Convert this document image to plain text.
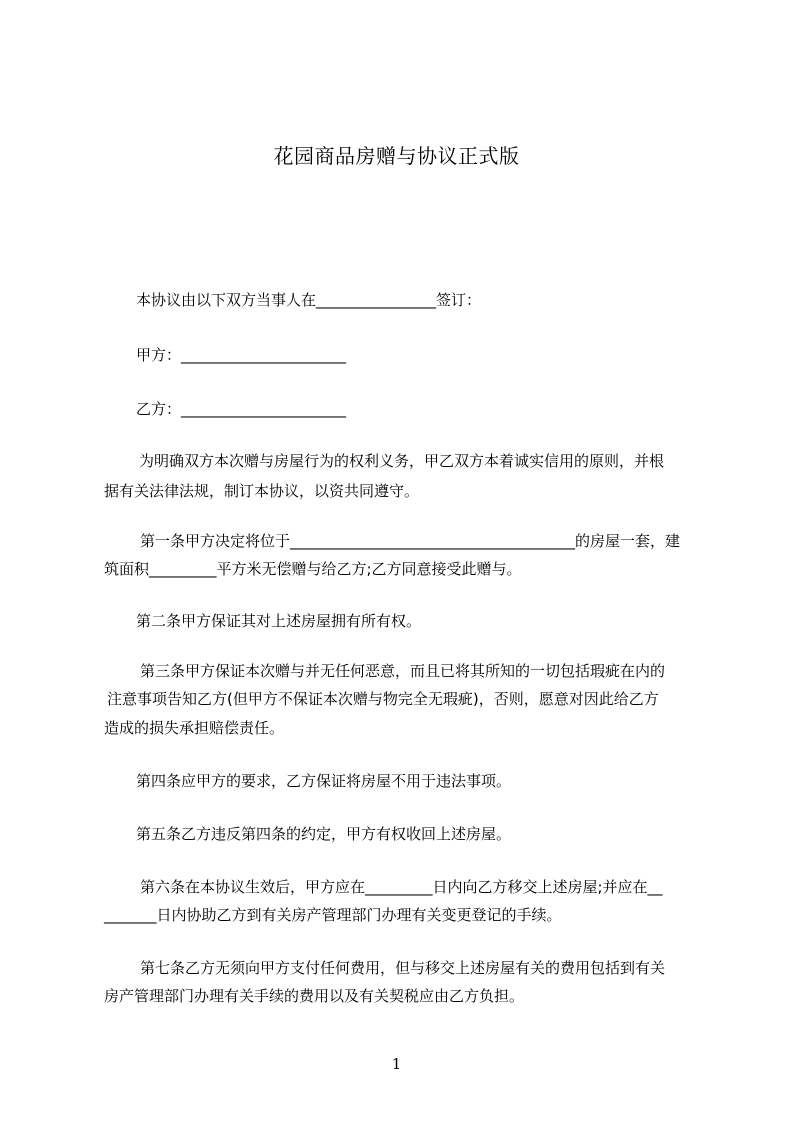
花园商品房赠与协议正式版
本协议由以下双方当事人在________________签订：
甲方：______________________
乙方：______________________
为明确双方本次赠与房屋行为的权利义务，甲乙双方本着诚实信用的原则，并根
据有关法律法规，制订本协议，以资共同遵守。
第一条甲方决定将位于______________________________________的房屋一套，建
筑面积_________平方米无偿赠与给乙方;乙方同意接受此赠与。
第二条甲方保证其对上述房屋拥有所有权。
第三条甲方保证本次赠与并无任何恶意，而且已将其所知的一切包括瑕疵在内的
注意事项告知乙方(但甲方不保证本次赠与物完全无瑕疵)，否则，愿意对因此给乙方
造成的损失承担赔偿责任。
第四条应甲方的要求，乙方保证将房屋不用于违法事项。
第五条乙方违反第四条的约定，甲方有权收回上述房屋。
第六条在本协议生效后，甲方应在_________日内向乙方移交上述房屋;并应在__
_______日内协助乙方到有关房产管理部门办理有关变更登记的手续。
第七条乙方无须向甲方支付任何费用，但与移交上述房屋有关的费用包括到有关
房产管理部门办理有关手续的费用以及有关契税应由乙方负担。
1
